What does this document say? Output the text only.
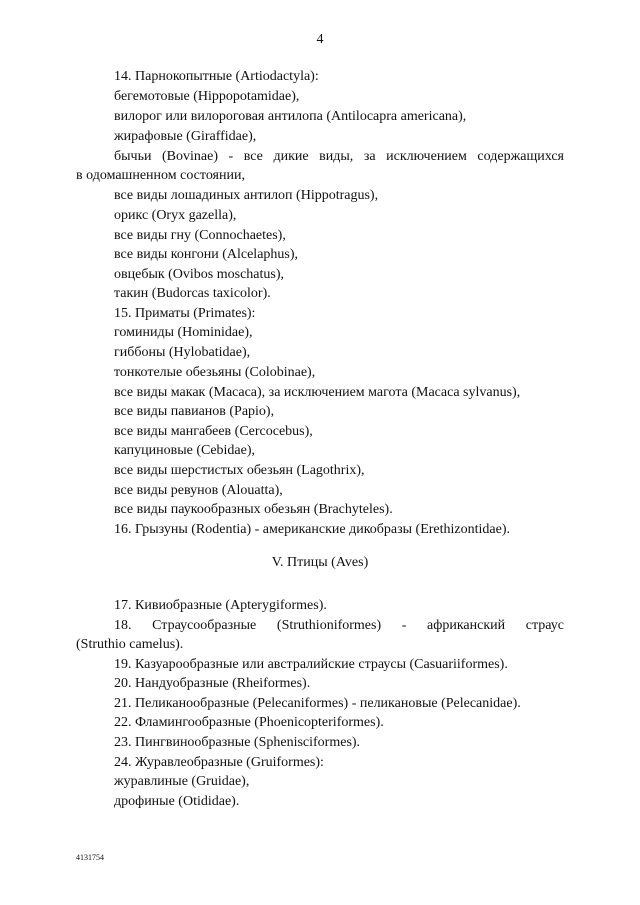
4
14. Парнокопытные (Artiodactyla):
бегемотовые (Hippopotamidae),
вилорог или вилороговая антилопа (Antilocapra americana),
жирафовые (Giraffidae),
бычьи (Bovinae) - все дикие виды, за исключением содержащихся
в одомашненном состоянии,
все виды лошадиных антилоп (Hippotragus),
орикс (Oryx gazella),
все виды гну (Connochaetes),
все виды конгони (Alcelaphus),
овцебык (Ovibos moschatus),
такин (Budorcas taxicolor).
15. Приматы (Primates):
гоминиды (Hominidae),
гиббоны (Hylobatidae),
тонкотелые обезьяны (Colobinae),
все виды макак (Macaca), за исключением магота (Macaca sylvanus),
все виды павианов (Papio),
все виды мангабеев (Cercocebus),
капуциновые (Cebidae),
все виды шерстистых обезьян (Lagothrix),
все виды ревунов (Alouatta),
все виды паукообразных обезьян (Brachyteles).
16. Грызуны (Rodentia) - американские дикобразы (Erethizontidae).
V. Птицы (Aves)
17. Кивиобразные (Apterygiformes).
18. Страусообразные (Struthioniformes) - африканский страус
(Struthio camelus).
19. Казуарообразные или австралийские страусы (Casuariiformes).
20. Нандуобразные (Rheiformes).
21. Пеликанообразные (Pelecaniformes) - пеликановые (Pelecanidae).
22. Фламингообразные (Phoenicopteriformes).
23. Пингвинообразные (Sphenisciformes).
24. Журавлеобразные (Gruiformes):
журавлиные (Gruidae),
дрофиные (Otididae).
4131754
